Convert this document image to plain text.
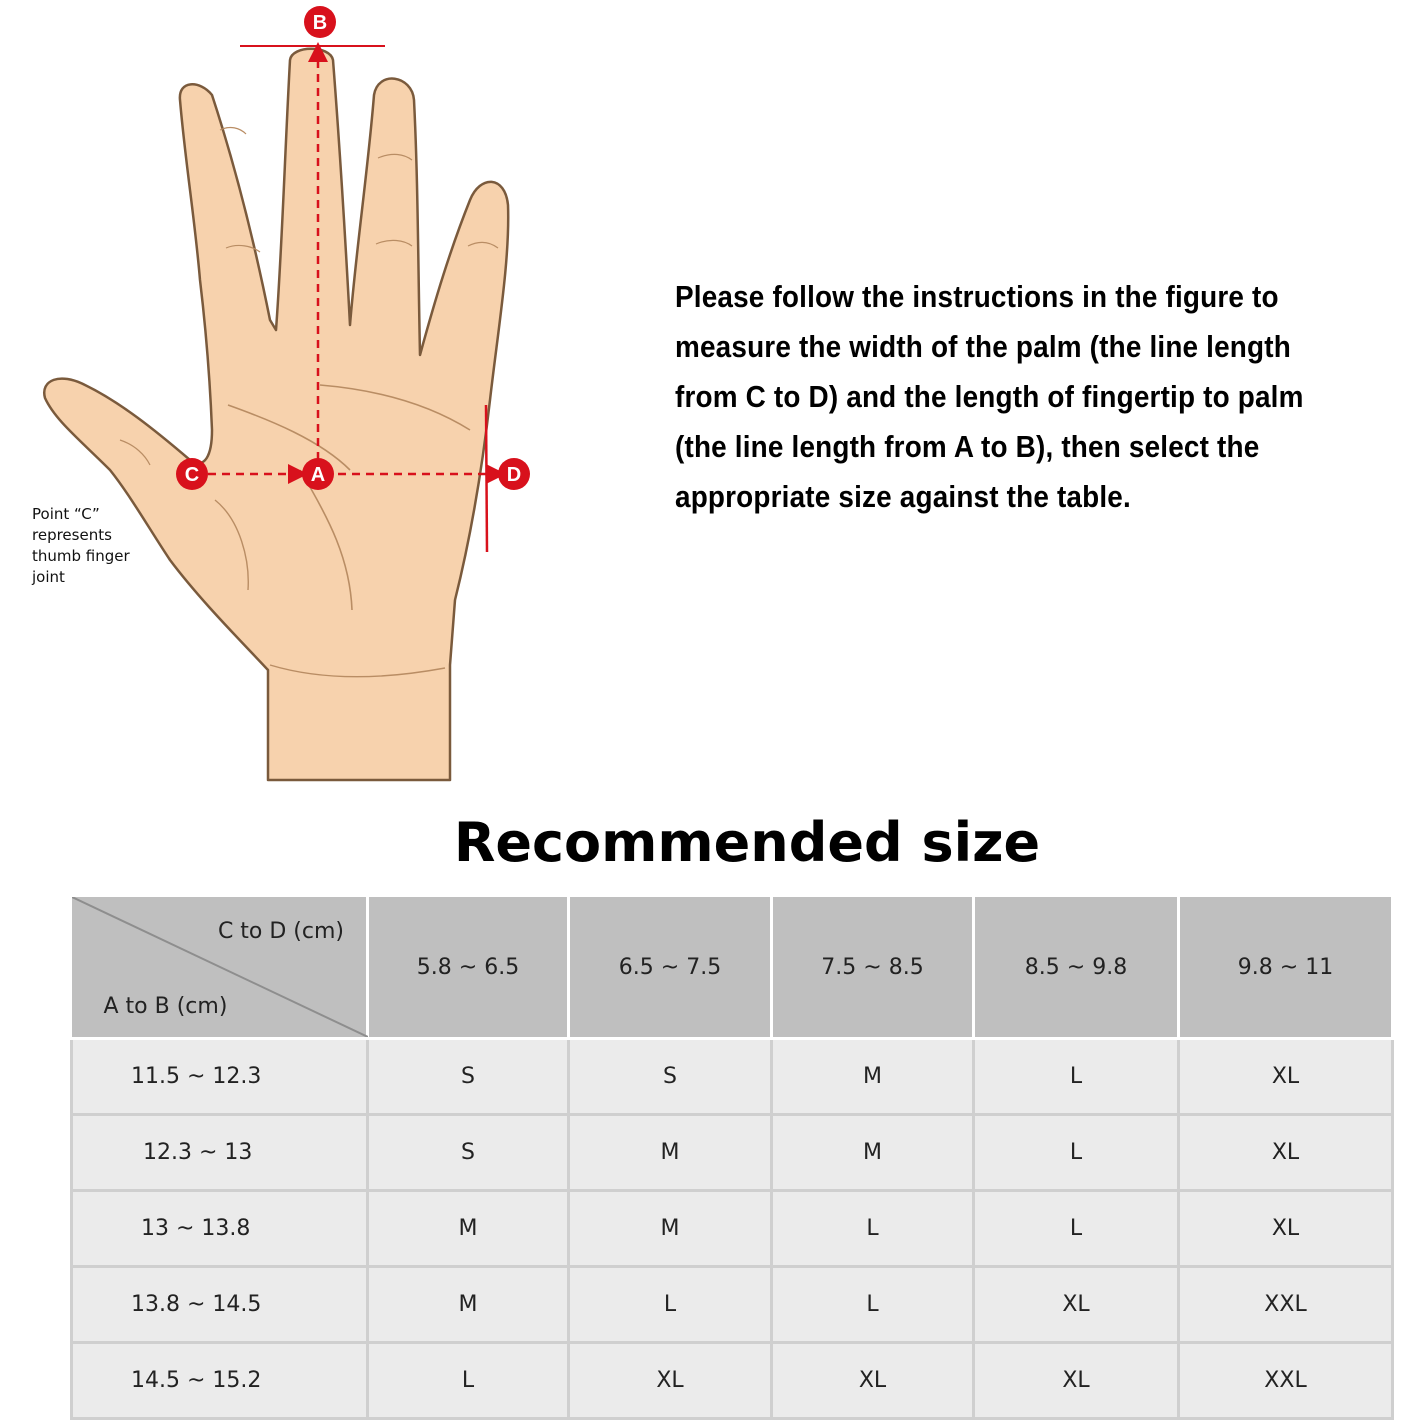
B
A
C	D
Point “C”
represents
thumb finger
joint
Please follow the instructions in the figure to
measure the width of the palm (the line length
from C to D) and the length of fingertip to palm
(the line length from A to B), then select the
appropriate size against the table.
Recommended size
C to D (cm)
A to B (cm)	5.8 ~ 6.5	6.5 ~ 7.5	7.5 ~ 8.5	8.5 ~ 9.8	9.8 ~ 11
11.5 ~ 12.3	S	S	M	L	XL
12.3 ~ 13	S	M	M	L	XL
13 ~ 13.8	M	M	L	L	XL
13.8 ~ 14.5	M	L	L	XL	XXL
14.5 ~ 15.2	L	XL	XL	XL	XXL
